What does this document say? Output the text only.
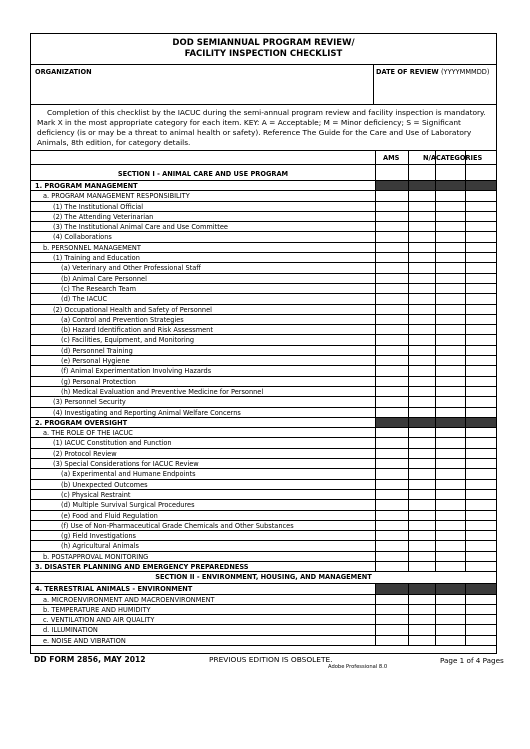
DOD SEMIANNUAL PROGRAM REVIEW/
FACILITY INSPECTION CHECKLIST
ORGANIZATION	DATE OF REVIEW (YYYYMMMDD)

Completion of this checklist by the IACUC during the semi-annual program review and facility inspection is mandatory.

Mark X in the most appropriate category for each item. KEY: A = Acceptable; M = Minor deficiency; S = Significant deficiency (is or may be a threat to animal health or safety). Reference The Guide for the Care and Use of Laboratory Animals, 8th edition, for category details.

AMS	N/A CATEGORIES
SECTION I - ANIMAL CARE AND USE PROGRAM
1. PROGRAM MANAGEMENT
a. PROGRAM MANAGEMENT RESPONSIBILITY
(1) The Institutional Official
(2) The Attending Veterinarian
(3) The Institutional Animal Care and Use Committee
(4) Collaborations
b. PERSONNEL MANAGEMENT
(1) Training and Education
(a) Veterinary and Other Professional Staff
(b) Animal Care Personnel
(c) The Research Team
(d) The IACUC
(2) Occupational Health and Safety of Personnel
(a) Control and Prevention Strategies
(b) Hazard Identification and Risk Assessment
(c) Facilities, Equipment, and Monitoring
(d) Personnel Training
(e) Personal Hygiene
(f) Animal Experimentation Involving Hazards
(g) Personal Protection
(h) Medical Evaluation and Preventive Medicine for Personnel
(3) Personnel Security
(4) Investigating and Reporting Animal Welfare Concerns
2. PROGRAM OVERSIGHT
a. THE ROLE OF THE IACUC
(1) IACUC Constitution and Function
(2) Protocol Review
(3) Special Considerations for IACUC Review
(a) Experimental and Humane Endpoints
(b) Unexpected Outcomes
(c) Physical Restraint
(d) Multiple Survival Surgical Procedures
(e) Food and Fluid Regulation
(f) Use of Non-Pharmaceutical Grade Chemicals and Other Substances
(g) Field Investigations
(h) Agricultural Animals
b. POSTAPPROVAL MONITORING
3. DISASTER PLANNING AND EMERGENCY PREPAREDNESS
SECTION II - ENVIRONMENT, HOUSING, AND MANAGEMENT
4. TERRESTRIAL ANIMALS - ENVIRONMENT
a. MICROENVIRONMENT AND MACROENVIRONMENT
b. TEMPERATURE AND HUMIDITY
c. VENTILATION AND AIR QUALITY
d. ILLUMINATION
e. NOISE AND VIBRATION
DD FORM 2856, MAY 2012	PREVIOUS EDITION IS OBSOLETE.
Adobe Professional 8.0
Page 1 of 4 Pages
